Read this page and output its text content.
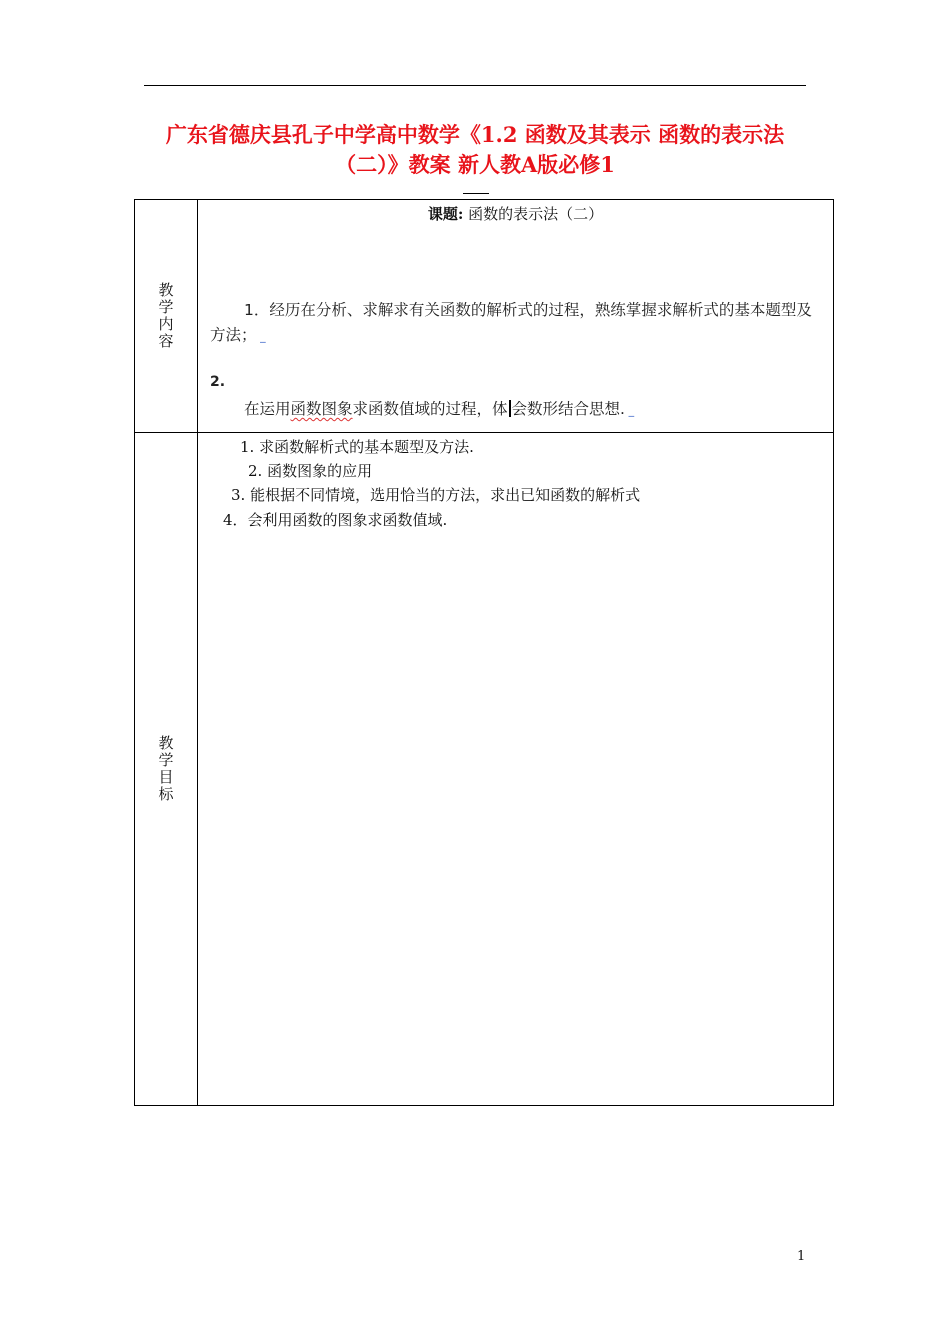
广东省德庆县孔子中学高中数学《1.2 函数及其表示 函数的表示法
（二）》教案 新人教A版必修1
教学内容	课题: 函数的表示法（二）
1．经历在分析、求解求有关函数的解析式的过程，熟练掌握求解析式的基本题型及方法； _
2.
在运用函数图象求函数值域的过程，体 会数形结合思想. _

教学目标	1. 求函数解析式的基本题型及方法.
2. 函数图象的应用
3. 能根据不同情境，选用恰当的方法，求出已知函数的解析式
4．会利用函数的图象求函数值域.
1
